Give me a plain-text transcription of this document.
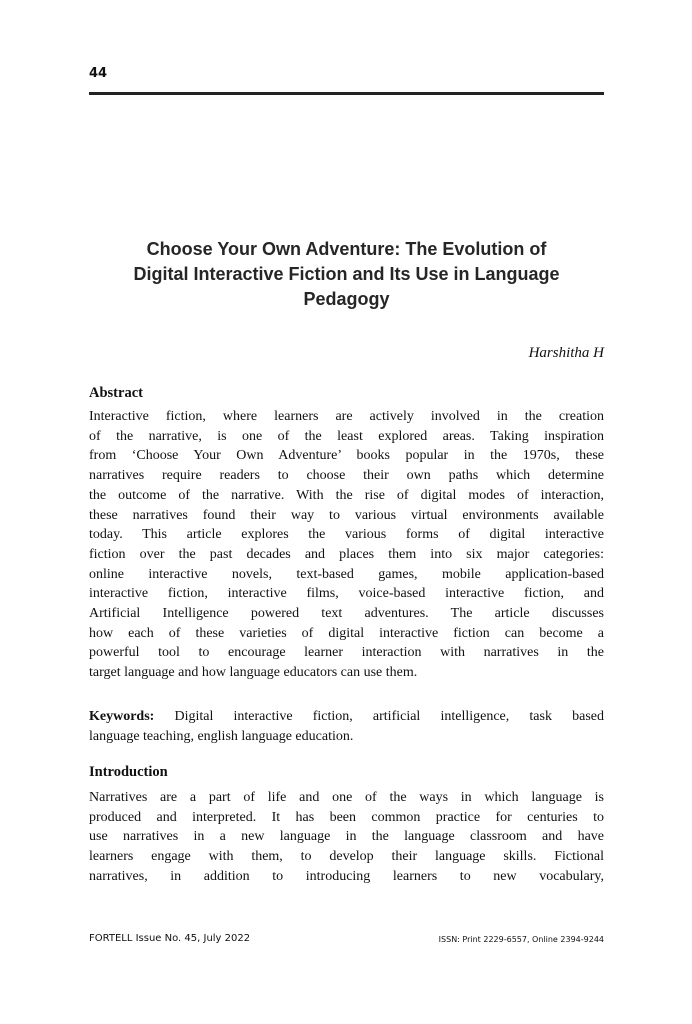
44
Choose Your Own Adventure: The Evolution of
Digital Interactive Fiction and Its Use in Language
Pedagogy
Harshitha H
Abstract
Interactive fiction, where learners are actively involved in the creation
of the narrative, is one of the least explored areas. Taking inspiration
from ‘Choose Your Own Adventure’ books popular in the 1970s, these
narratives require readers to choose their own paths which determine
the outcome of the narrative. With the rise of digital modes of interaction,
these narratives found their way to various virtual environments available
today. This article explores the various forms of digital interactive
fiction over the past decades and places them into six major categories:
online interactive novels, text-based games, mobile application-based
interactive fiction, interactive films, voice-based interactive fiction, and
Artificial Intelligence powered text adventures. The article discusses
how each of these varieties of digital interactive fiction can become a
powerful tool to encourage learner interaction with narratives in the
target language and how language educators can use them.
Keywords: Digital interactive fiction, artificial intelligence, task based
language teaching, english language education.
Introduction
Narratives are a part of life and one of the ways in which language is
produced and interpreted. It has been common practice for centuries to
use narratives in a new language in the language classroom and have
learners engage with them, to develop their language skills. Fictional
narratives, in addition to introducing learners to new vocabulary,
FORTELL Issue No. 45, July 2022	ISSN: Print 2229-6557, Online 2394-9244
